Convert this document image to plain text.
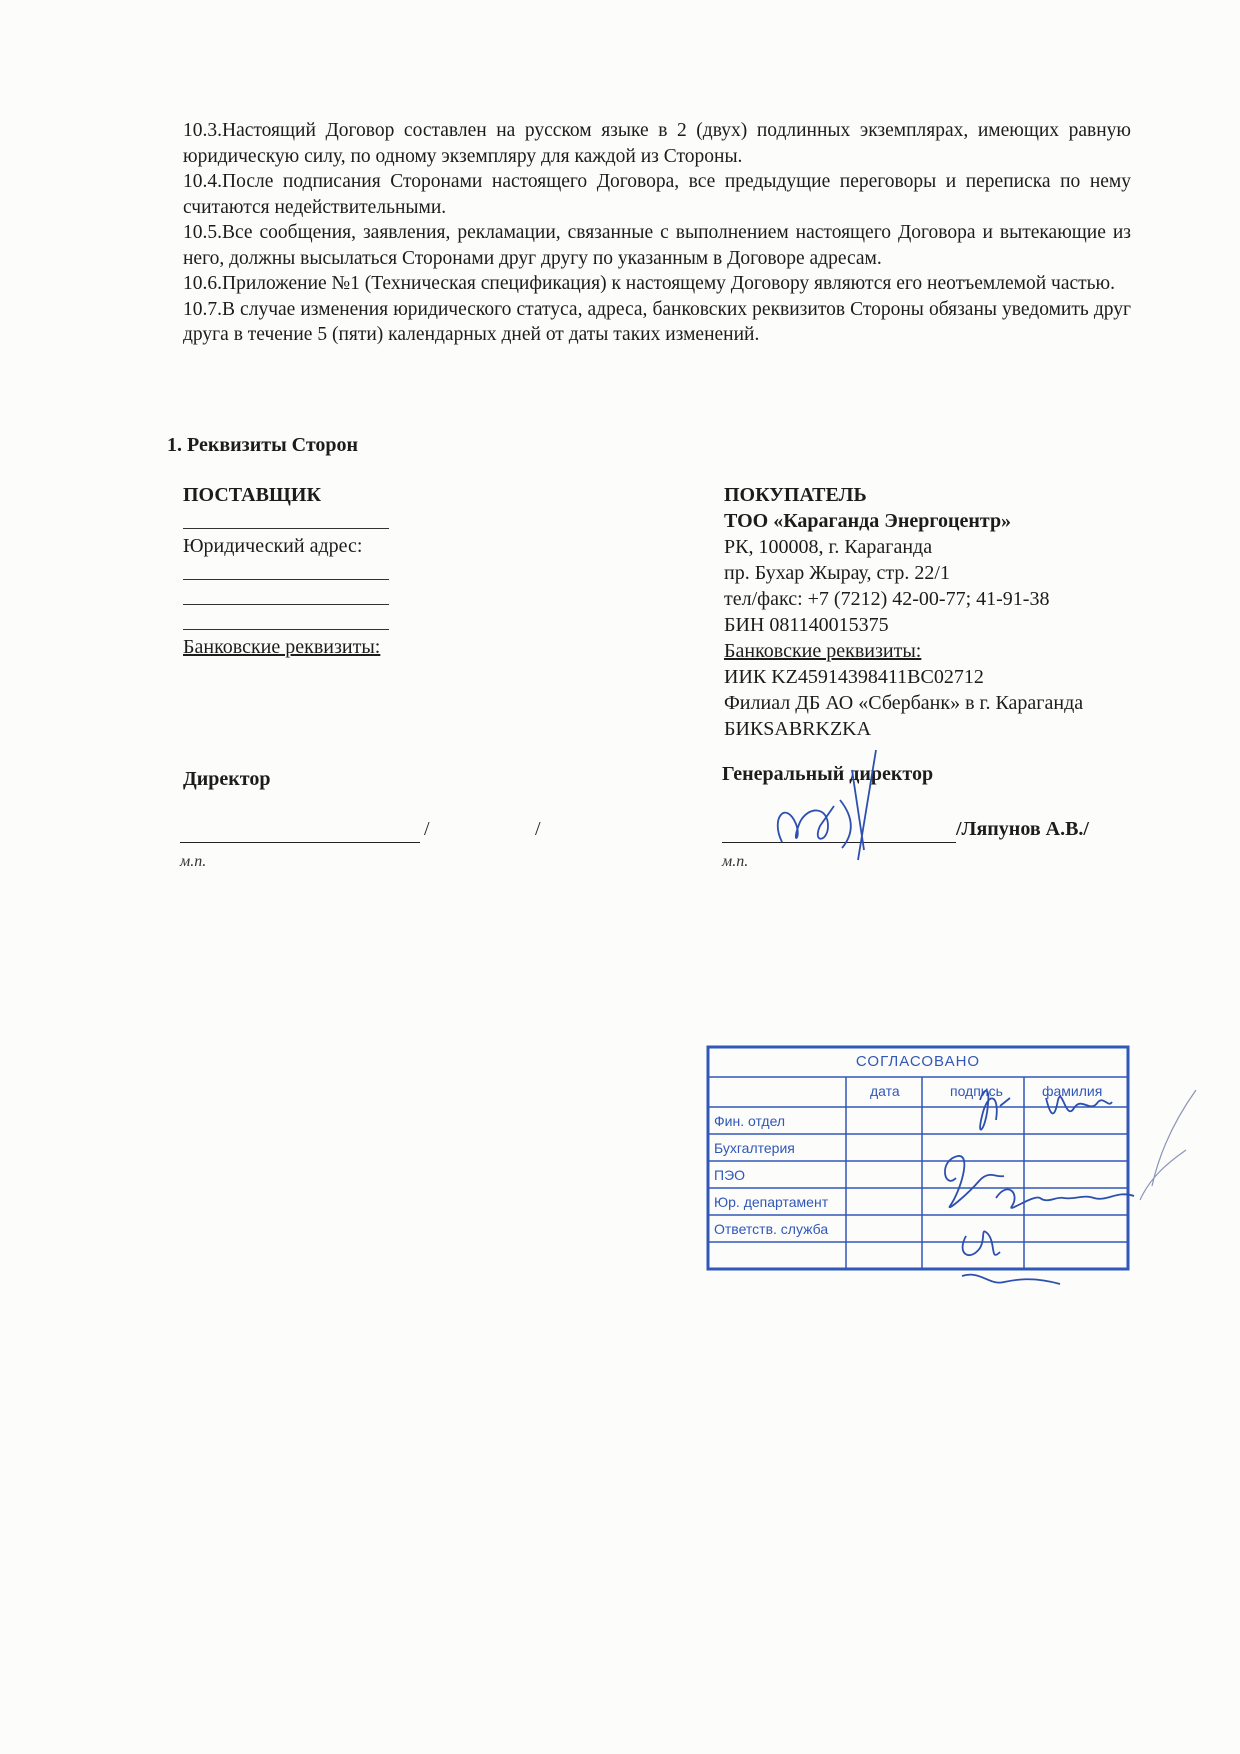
10.3.Настоящий Договор составлен на русском языке в 2 (двух) подлинных экземплярах, имеющих равную юридическую силу, по одному экземпляру для каждой из Стороны.

10.4.После подписания Сторонами настоящего Договора, все предыдущие переговоры и переписка по нему считаются недействительными.

10.5.Все сообщения, заявления, рекламации, связанные с выполнением настоящего Договора и вытекающие из него, должны высылаться Сторонами друг другу по указанным в Договоре адресам.

10.6.Приложение №1 (Техническая спецификация) к настоящему Договору являются его неотъемлемой частью.

10.7.В случае изменения юридического статуса, адреса, банковских реквизитов Стороны обязаны уведомить друг друга в течение 5 (пяти) календарных дней от даты таких изменений.

1. Реквизиты Сторон
ПОСТАВЩИК
Юридический адрес:
Банковские реквизиты:
ПОКУПАТЕЛЬ
ТОО «Караганда Энергоцентр»
РК, 100008, г. Караганда
пр. Бухар Жырау, стр. 22/1
тел/факс: +7 (7212) 42-00-77; 41-91-38
БИН 081140015375
Банковские реквизиты:
ИИК KZ45914398411BC02712
Филиал ДБ АО «Сбербанк» в г. Караганда
БИКSABRKZKA
Директор
/	/
м.п.
Генеральный директор
/Ляпунов А.В./
м.п.
СОГЛАСОВАНО
дата	подпись	фамилия
Фин. отдел
Бухгалтерия
ПЭО
Юр. департамент
Ответств. служба
